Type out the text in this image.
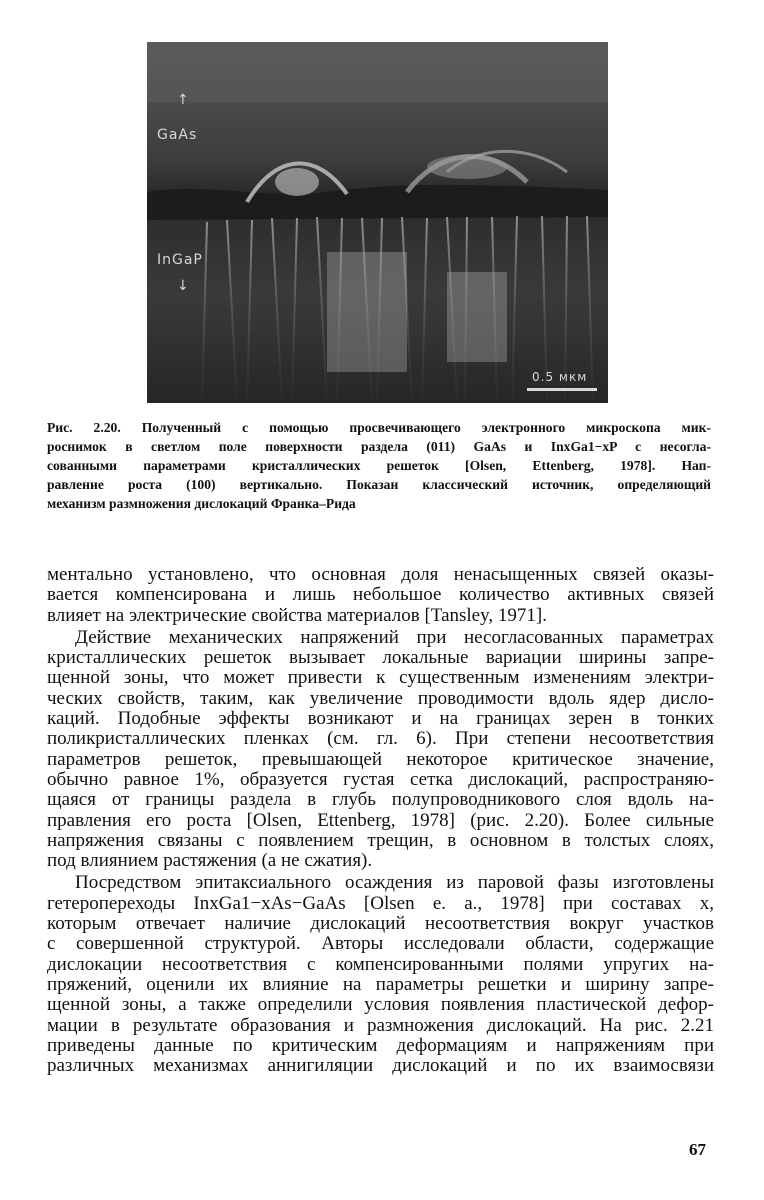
↑
GaAs
InGaP
↓
0.5 мкм
Рис. 2.20. Полученный с помощью просвечивающего электронного микроскопа мик-
роснимок в светлом поле поверхности раздела (011) GaAs и InxGa1−xP с несогла-
сованными параметрами кристаллических решеток [Olsen, Ettenberg, 1978]. Нап-
равление роста (100) вертикально. Показан классический источник, определяющий
механизм размножения дислокаций Франка–Рида
ментально установлено, что основная доля ненасыщенных связей оказы-
вается компенсирована и лишь небольшое количество активных связей
влияет на электрические свойства материалов [Tansley, 1971].
Действие механических напряжений при несогласованных параметрах
кристаллических решеток вызывает локальные вариации ширины запре-
щенной зоны, что может привести к существенным изменениям электри-
ческих свойств, таким, как увеличение проводимости вдоль ядер дисло-
каций. Подобные эффекты возникают и на границах зерен в тонких
поликристаллических пленках (см. гл. 6). При степени несоответствия
параметров решеток, превышающей некоторое критическое значение,
обычно равное 1%, образуется густая сетка дислокаций, распространяю-
щаяся от границы раздела в глубь полупроводникового слоя вдоль на-
правления его роста [Olsen, Ettenberg, 1978] (рис. 2.20). Более сильные
напряжения связаны с появлением трещин, в основном в толстых слоях,
под влиянием растяжения (а не сжатия).
Посредством эпитаксиального осаждения из паровой фазы изготовлены
гетеропереходы InxGa1−xAs−GaAs [Olsen e. a., 1978] при составах x,
которым отвечает наличие дислокаций несоответствия вокруг участков
с совершенной структурой. Авторы исследовали области, содержащие
дислокации несоответствия с компенсированными полями упругих на-
пряжений, оценили их влияние на параметры решетки и ширину запре-
щенной зоны, а также определили условия появления пластической дефор-
мации в результате образования и размножения дислокаций. На рис. 2.21
приведены данные по критическим деформациям и напряжениям при
различных механизмах аннигиляции дислокаций и по их взаимосвязи
67
